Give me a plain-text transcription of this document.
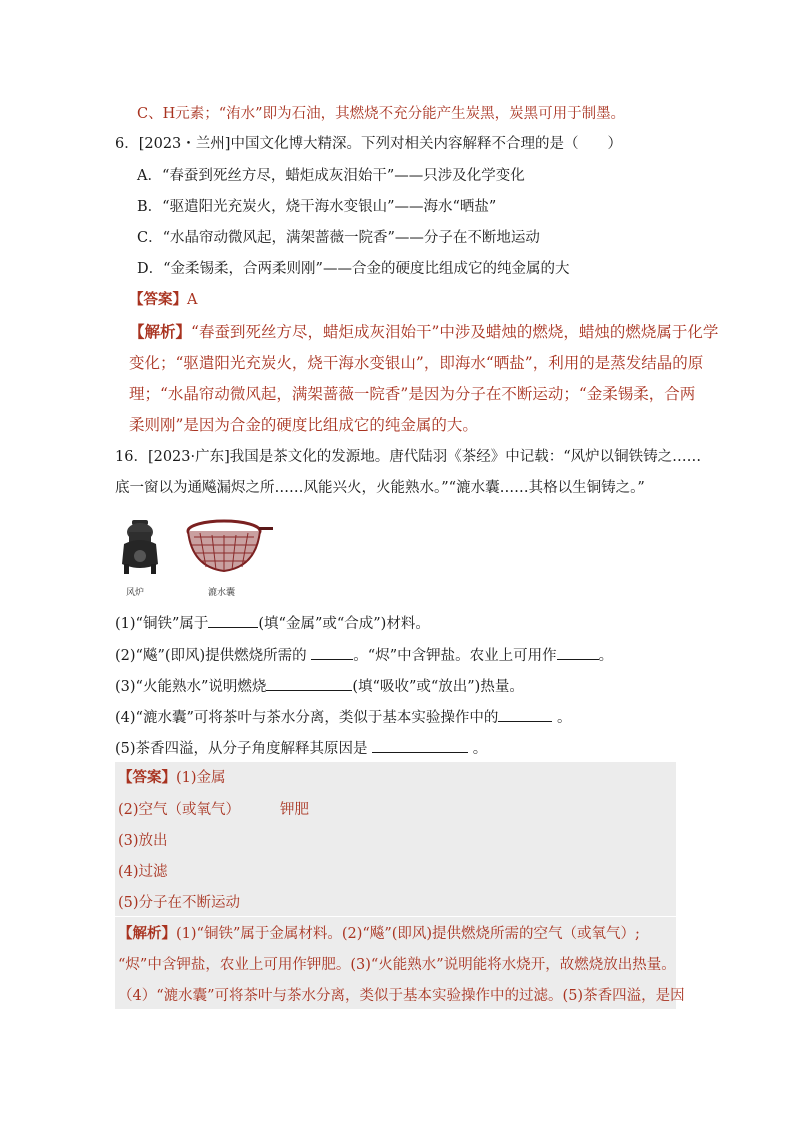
C、H元素；“洧水”即为石油，其燃烧不充分能产生炭黑，炭黑可用于制墨。
6．[2023・兰州]中国文化博大精深。下列对相关内容解释不合理的是（　　）
A．“春蚕到死丝方尽，蜡炬成灰泪始干”——只涉及化学变化
B．“驱遣阳光充炭火，烧干海水变银山”——海水“晒盐”
C．“水晶帘动微风起，满架蔷薇一院香”——分子在不断地运动
D．“金柔锡柔，合两柔则刚”——合金的硬度比组成它的纯金属的大
【答案】A
【解析】“春蚕到死丝方尽，蜡炬成灰泪始干”中涉及蜡烛的燃烧，蜡烛的燃烧属于化学
变化；“驱遣阳光充炭火，烧干海水变银山”，即海水“晒盐”，利用的是蒸发结晶的原
理；“水晶帘动微风起，满架蔷薇一院香”是因为分子在不断运动；“金柔锡柔，合两
柔则刚”是因为合金的硬度比组成它的纯金属的大。
16．[2023·广东]我国是茶文化的发源地。唐代陆羽《茶经》中记载：“风炉以铜铁铸之……
底一窗以为通飚漏烬之所……风能兴火，火能熟水。”“漉水囊……其格以生铜铸之。”
风炉	漉水囊
(1)“铜铁”属于	(填“金属”或“合成”)材料。
(2)“飚”(即风)提供燃烧所需的	。“烬”中含钾盐。农业上可用作	。
(3)“火能熟水”说明燃烧	(填“吸收”或“放出”)热量。
(4)“漉水囊”可将茶叶与茶水分离，类似于基本实验操作中的	。
(5)茶香四溢，从分子角度解释其原因是	。
【答案】(1)金属
(2)空气（或氧气）	钾肥
(3)放出
(4)过滤
(5)分子在不断运动
【解析】(1)“铜铁”属于金属材料。(2)“飚”(即风)提供燃烧所需的空气（或氧气）;
“烬”中含钾盐，农业上可用作钾肥。(3)“火能熟水”说明能将水烧开，故燃烧放出热量。
（4）“漉水囊”可将茶叶与茶水分离，类似于基本实验操作中的过滤。(5)茶香四溢，是因
